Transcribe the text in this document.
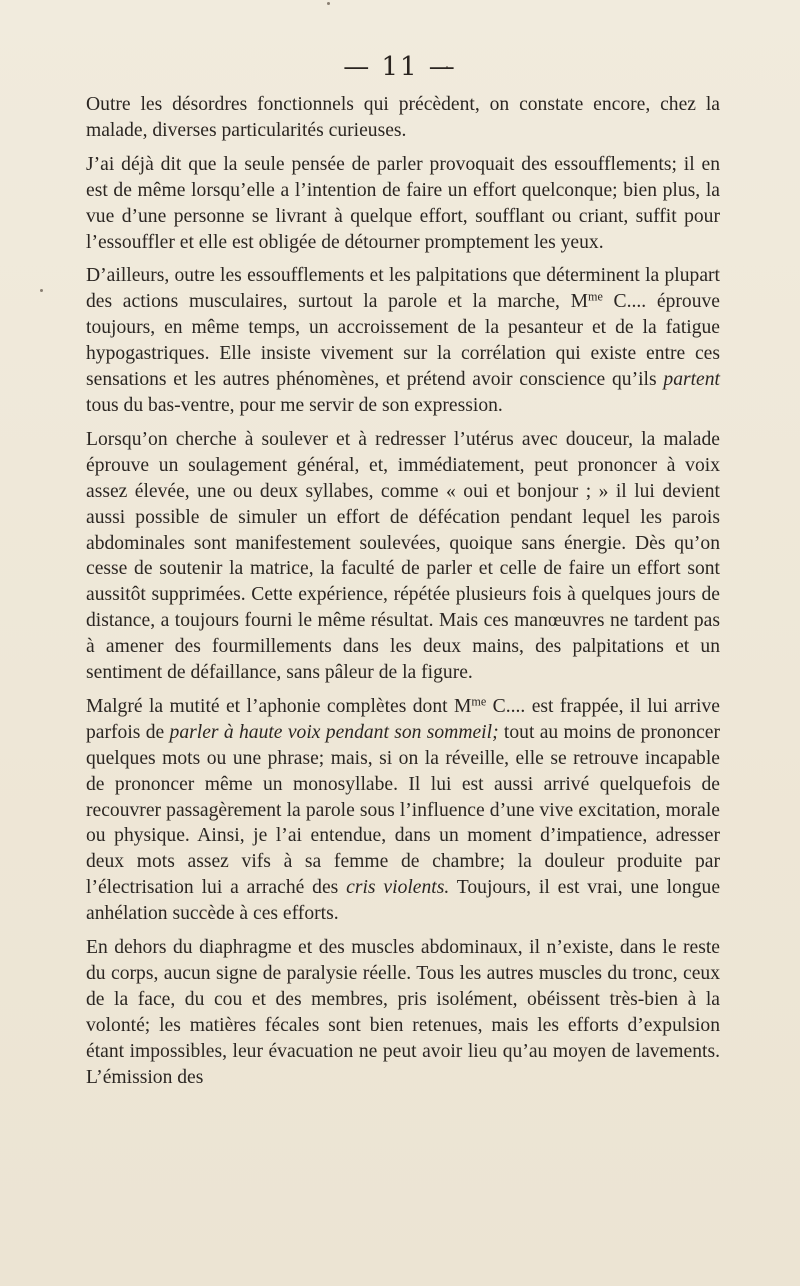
— 11 —

Outre les désordres fonctionnels qui précèdent, on constate encore, chez la malade, diverses particularités curieuses.

J’ai déjà dit que la seule pensée de parler provoquait des essoufflements; il en est de même lorsqu’elle a l’intention de faire un effort quelconque; bien plus, la vue d’une personne se livrant à quelque effort, soufflant ou criant, suffit pour l’essouffler et elle est obligée de détourner promptement les yeux.

D’ailleurs, outre les essoufflements et les palpitations que déterminent la plupart des actions musculaires, surtout la parole et la marche, $M^{me}$ C.... éprouve toujours, en même temps, un accroissement de la pesanteur et de la fatigue hypogastriques. Elle insiste vivement sur la corrélation qui existe entre ces sensations et les autres phénomènes, et prétend avoir conscience qu’ils partent tous du bas-ventre, pour me servir de son expression.

Lorsqu’on cherche à soulever et à redresser l’utérus avec douceur, la malade éprouve un soulagement général, et, immédiatement, peut prononcer à voix assez élevée, une ou deux syllabes, comme « oui et bonjour ; » il lui devient aussi possible de simuler un effort de défécation pendant lequel les parois abdominales sont manifestement soulevées, quoique sans énergie. Dès qu’on cesse de soutenir la matrice, la faculté de parler et celle de faire un effort sont aussitôt supprimées. Cette expérience, répétée plusieurs fois à quelques jours de distance, a toujours fourni le même résultat. Mais ces manœuvres ne tardent pas à amener des fourmillements dans les deux mains, des palpitations et un sentiment de défaillance, sans pâleur de la figure.

Malgré la mutité et l’aphonie complètes dont $M^{me}$ C.... est frappée, il lui arrive parfois de parler à haute voix pendant son sommeil; tout au moins de prononcer quelques mots ou une phrase; mais, si on la réveille, elle se retrouve incapable de prononcer même un monosyllabe. Il lui est aussi arrivé quelquefois de recouvrer passagèrement la parole sous l’influence d’une vive excitation, morale ou physique. Ainsi, je l’ai entendue, dans un moment d’impatience, adresser deux mots assez vifs à sa femme de chambre; la douleur produite par l’électrisation lui a arraché des cris violents. Toujours, il est vrai, une longue anhélation succède à ces efforts.

En dehors du diaphragme et des muscles abdominaux, il n’existe, dans le reste du corps, aucun signe de paralysie réelle. Tous les autres muscles du tronc, ceux de la face, du cou et des membres, pris isolément, obéissent très-bien à la volonté; les matières fécales sont bien retenues, mais les efforts d’expulsion étant impossibles, leur évacuation ne peut avoir lieu qu’au moyen de lavements. L’émission des
